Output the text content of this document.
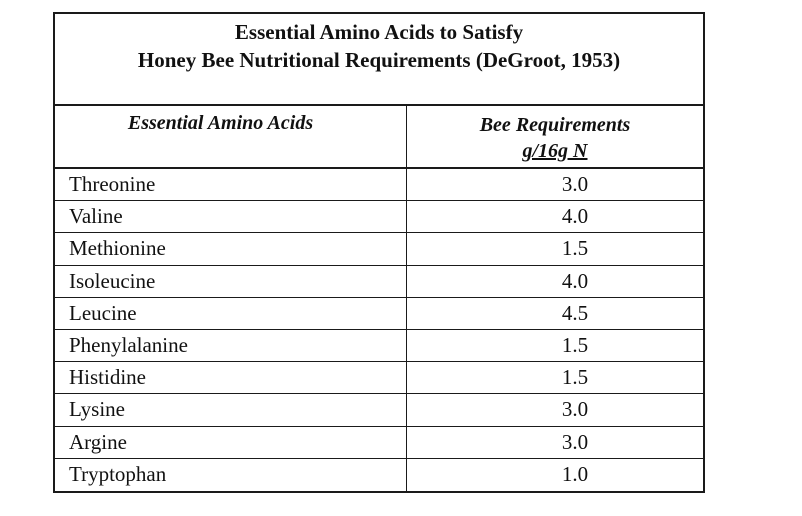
Essential Amino Acids to Satisfy
Honey Bee Nutritional Requirements (DeGroot, 1953)
Essential Amino Acids	Bee Requirements
g/16g N
Threonine	3.0
Valine	4.0
Methionine	1.5
Isoleucine	4.0
Leucine	4.5
Phenylalanine	1.5
Histidine	1.5
Lysine	3.0
Argine	3.0
Tryptophan	1.0
